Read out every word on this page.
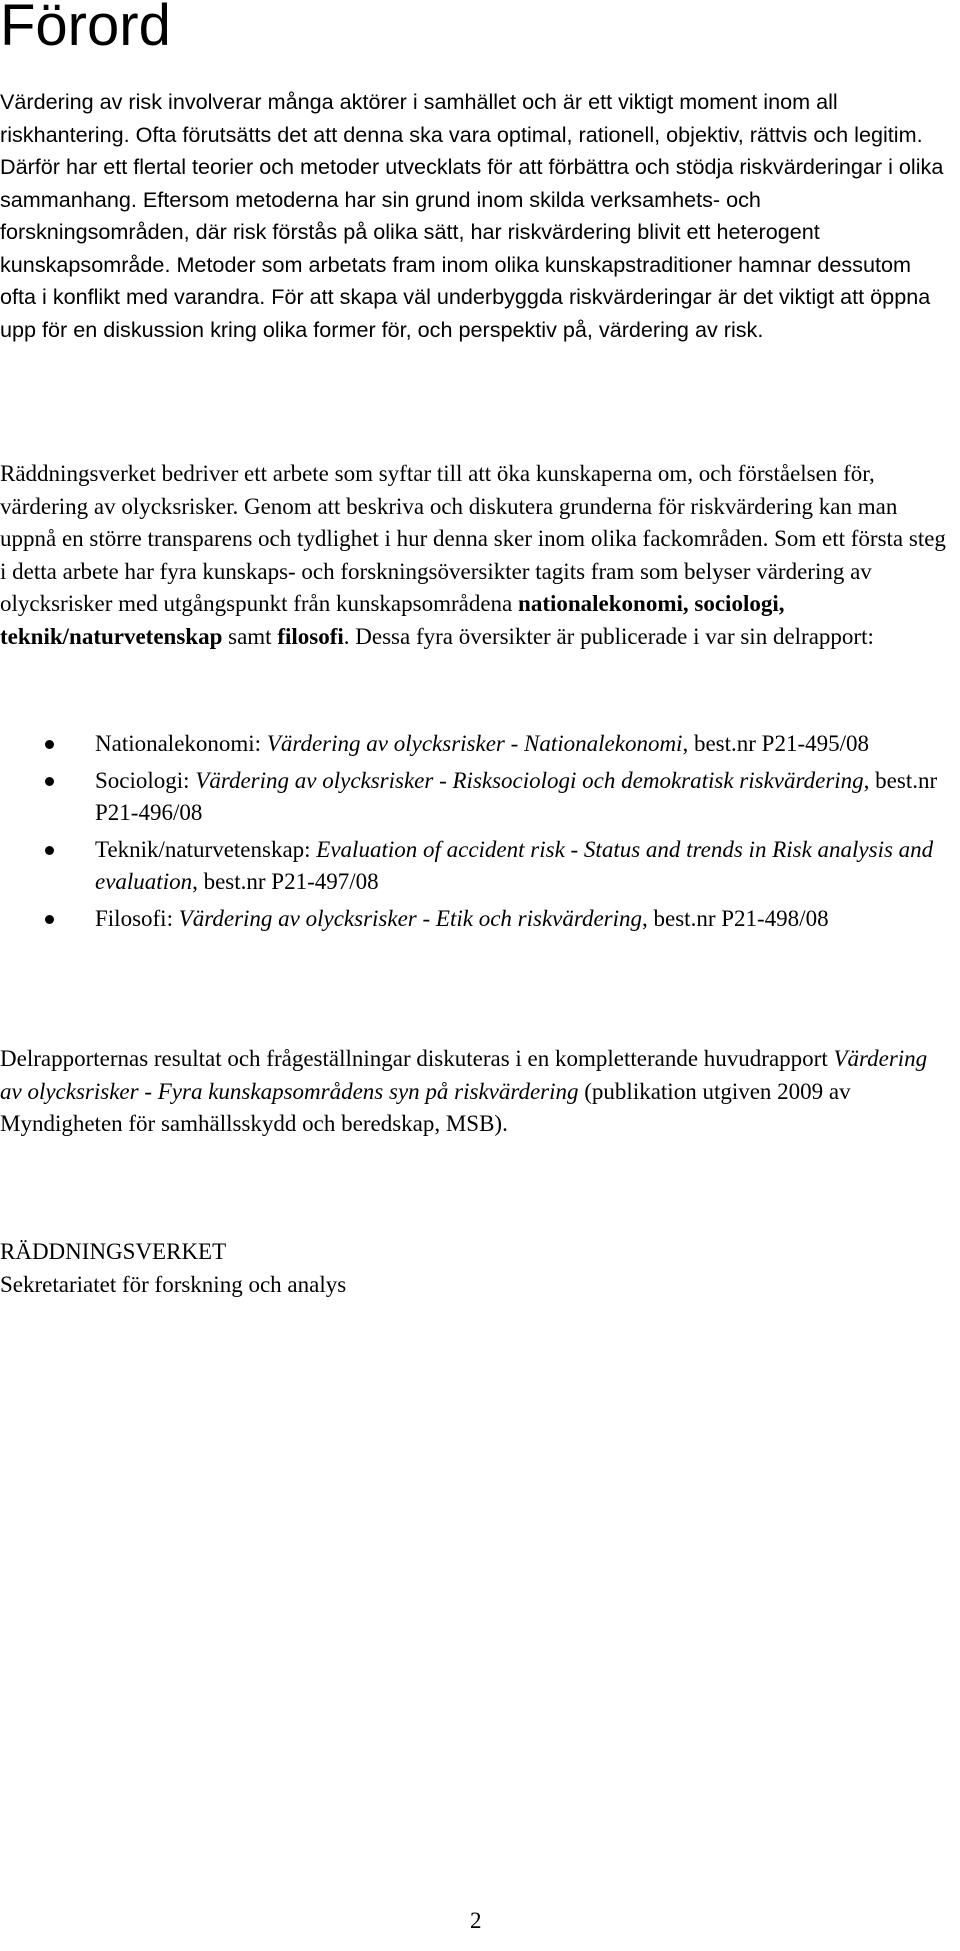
Förord

Värdering av risk involverar många aktörer i samhället och är ett viktigt moment inom all riskhantering. Ofta förutsätts det att denna ska vara optimal, rationell, objektiv, rättvis och legitim. Därför har ett flertal teorier och metoder utvecklats för att förbättra och stödja riskvärderingar i olika sammanhang. Eftersom metoderna har sin grund inom skilda verksamhets- och forskningsområden, där risk förstås på olika sätt, har riskvärdering blivit ett heterogent kunskapsområde. Metoder som arbetats fram inom olika kunskapstraditioner hamnar dessutom ofta i konflikt med varandra. För att skapa väl underbyggda riskvärderingar är det viktigt att öppna upp för en diskussion kring olika former för, och perspektiv på, värdering av risk.

Räddningsverket bedriver ett arbete som syftar till att öka kunskaperna om, och förståelsen för, värdering av olycksrisker. Genom att beskriva och diskutera grunderna för riskvärdering kan man uppnå en större transparens och tydlighet i hur denna sker inom olika fackområden. Som ett första steg i detta arbete har fyra kunskaps- och forskningsöversikter tagits fram som belyser värdering av olycksrisker med utgångspunkt från kunskapsområdena nationalekonomi, sociologi, teknik/naturvetenskap samt filosofi. Dessa fyra översikter är publicerade i var sin delrapport:

Nationalekonomi: Värdering av olycksrisker - Nationalekonomi, best.nr P21-495/08
Sociologi: Värdering av olycksrisker - Risksociologi och demokratisk riskvärdering, best.nr P21-496/08
Teknik/naturvetenskap: Evaluation of accident risk - Status and trends in Risk analysis and evaluation, best.nr P21-497/08
Filosofi: Värdering av olycksrisker - Etik och riskvärdering, best.nr P21-498/08

Delrapporternas resultat och frågeställningar diskuteras i en kompletterande huvudrapport Värdering av olycksrisker - Fyra kunskapsområdens syn på riskvärdering (publikation utgiven 2009 av Myndigheten för samhällsskydd och beredskap, MSB).

RÄDDNINGSVERKET
Sekretariatet för forskning och analys
2
